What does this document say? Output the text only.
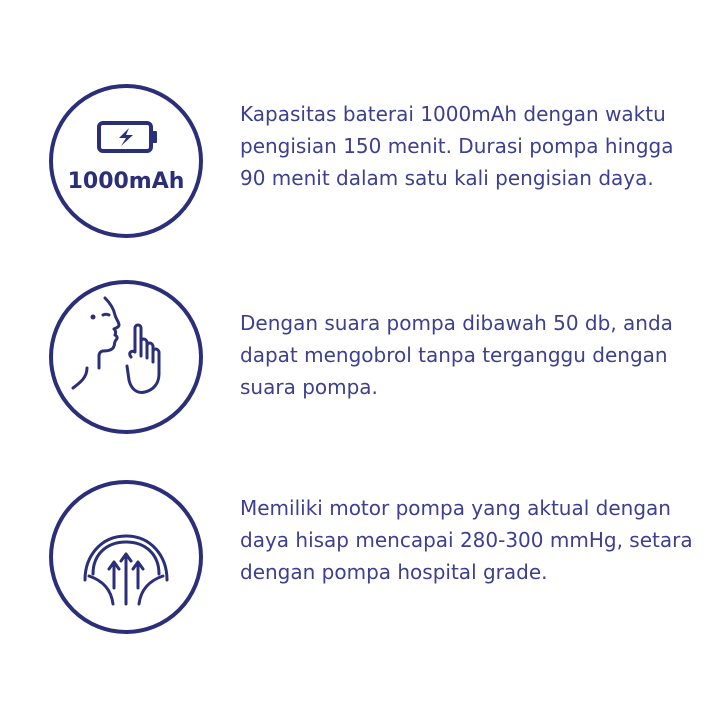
1000mAh

Kapasitas baterai 1000mAh dengan waktu pengisian 150 menit. Durasi pompa hingga 90 menit dalam satu kali pengisian daya.

Dengan suara pompa dibawah 50 db, anda dapat mengobrol tanpa terganggu dengan suara pompa.

Memiliki motor pompa yang aktual dengan daya hisap mencapai 280-300 mmHg, setara dengan pompa hospital grade.
